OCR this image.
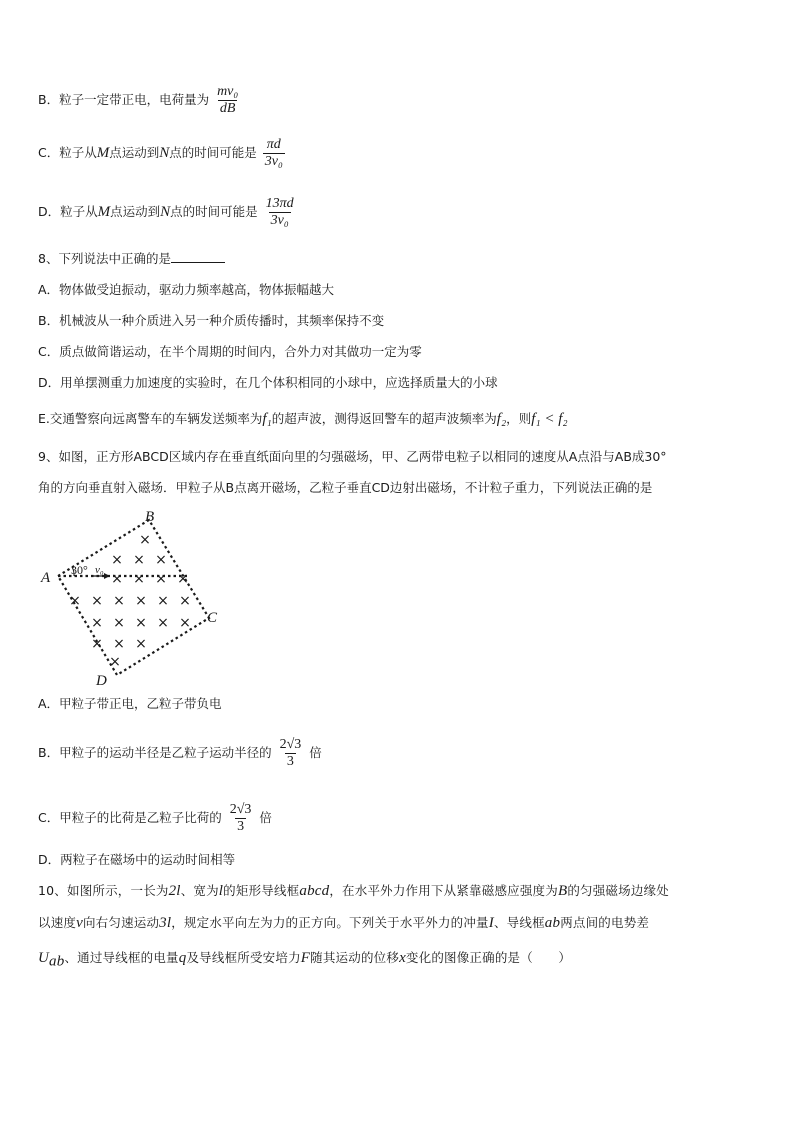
B．粒子一定带正电，电荷量为 $\frac{\text{mv₀}}{dB}$
C．粒子从M点运动到N点的时间可能是 $\frac{\pi d}{\text{3v₀}}$
D．粒子从M点运动到N点的时间可能是 $\frac{13\pi d}{\text{3v₀}}$
8、下列说法中正确的是
A．物体做受迫振动，驱动力频率越高，物体振幅越大
B．机械波从一种介质进入另一种介质传播时，其频率保持不变
C．质点做简谐运动，在半个周期的时间内，合外力对其做功一定为零
D．用单摆测重力加速度的实验时，在几个体积相同的小球中，应选择质量大的小球
E.交通警察向远离警车的车辆发送频率为f₁的超声波，测得返回警车的超声波频率为f₂，则f₁ < f₂
9、如图，正方形ABCD区域内存在垂直纸面向里的匀强磁场，甲、乙两带电粒子以相同的速度从A点沿与AB成30°
角的方向垂直射入磁场．甲粒子从B点离开磁场，乙粒子垂直CD边射出磁场，不计粒子重力，下列说法正确的是
×
× × ×
× × × ×
× × × × × ×
× × × × ×
× × ×
×
A
B
C
D
v₀
30°
A．甲粒子带正电，乙粒子带负电
B．甲粒子的运动半径是乙粒子运动半径的 $\frac{2√3}{3}$ 倍
C．甲粒子的比荷是乙粒子比荷的 $\frac{2√3}{3}$ 倍
D．两粒子在磁场中的运动时间相等
10、如图所示，一长为2l、宽为l的矩形导线框abcd，在水平外力作用下从紧靠磁感应强度为B的匀强磁场边缘处
以速度v向右匀速运动3l，规定水平向左为力的正方向。下列关于水平外力的冲量I、导线框ab两点间的电势差
$U_{ab}$、通过导线框的电量q及导线框所受安培力F随其运动的位移x变化的图像正确的是（　　）
